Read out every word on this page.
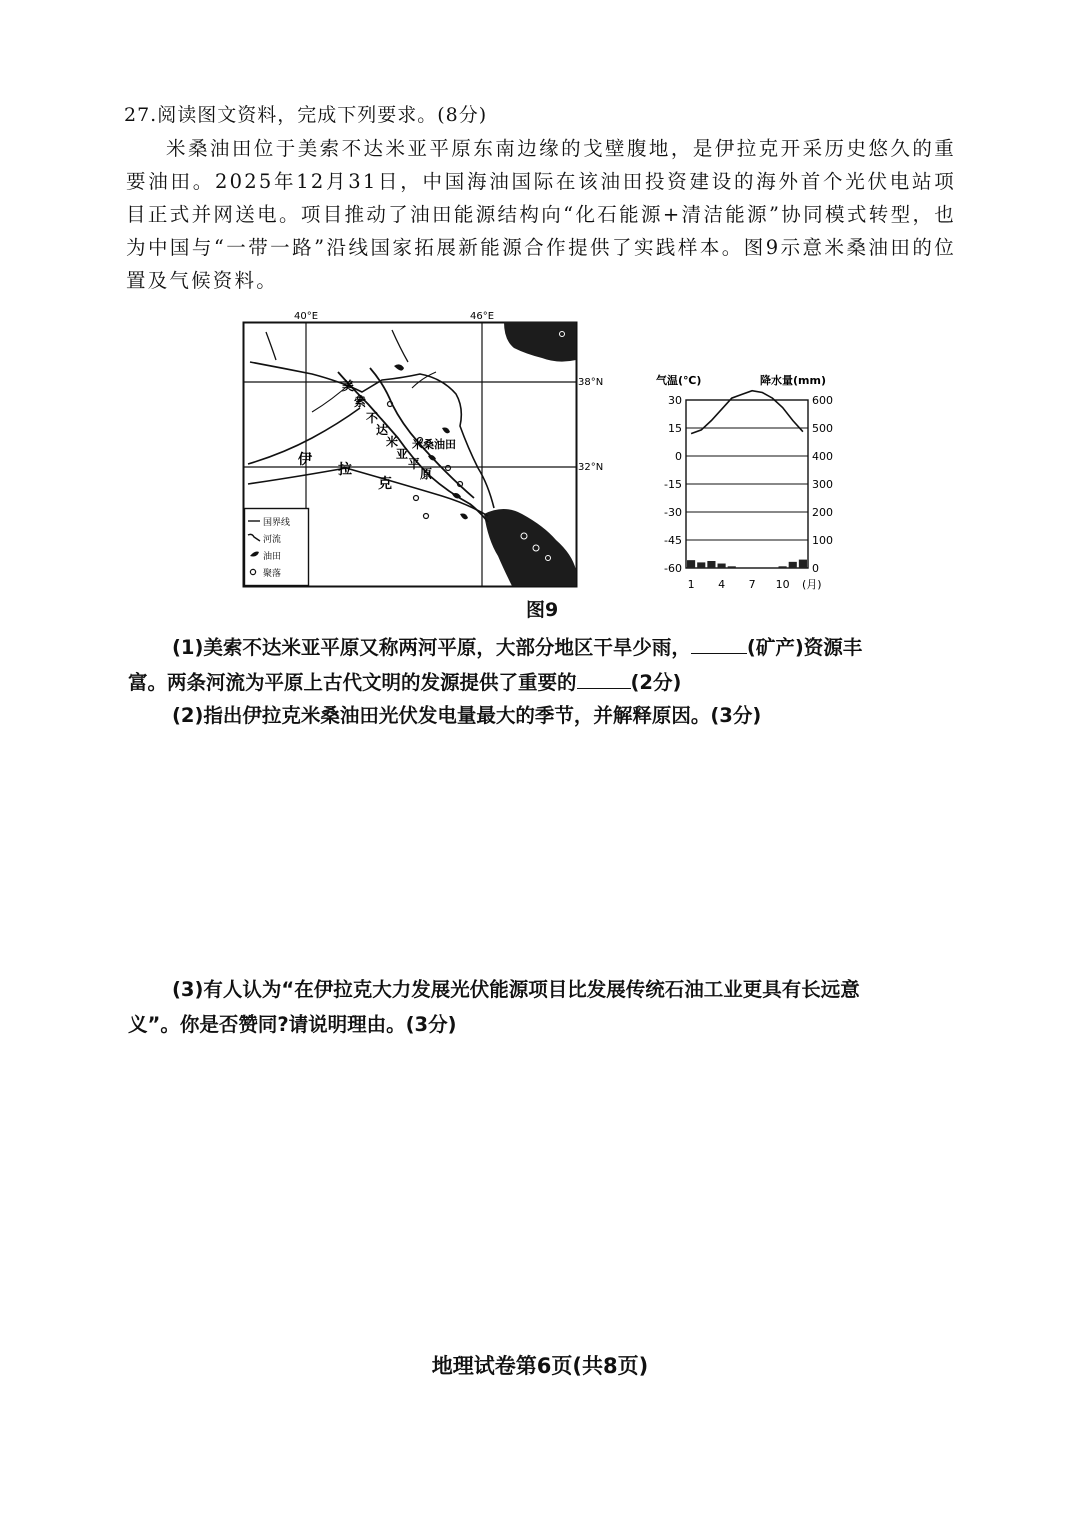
27.阅读图文资料，完成下列要求。(8分)
米桑油田位于美索不达米亚平原东南边缘的戈壁腹地，是伊拉克开采历史悠久的重要油田。2025年12月31日，中国海油国际在该油田投资建设的海外首个光伏电站项目正式并网送电。项目推动了油田能源结构向“化石能源+清洁能源”协同模式转型，也为中国与“一带一路”沿线国家拓展新能源合作提供了实践样本。图9示意米桑油田的位置及气候资料。
40°E	46°E
38°N
32°N
美
索
不
达
米
亚
平
原
伊
拉
克
米桑油田
国界线
河流
油田
聚落
气温(℃)	降水量(mm)
30
15
0
-15
-30
-45
-60
600
500
400
300
200
100
0
1 4 7 10 (月)
图9
(1)美索不达米亚平原又称两河平原，大部分地区干旱少雨，	(矿产)资源丰
富。两条河流为平原上古代文明的发源提供了重要的	(2分)
(2)指出伊拉克米桑油田光伏发电量最大的季节，并解释原因。(3分)
(3)有人认为“在伊拉克大力发展光伏能源项目比发展传统石油工业更具有长远意
义”。你是否赞同?请说明理由。(3分)
地理试卷第6页(共8页)
